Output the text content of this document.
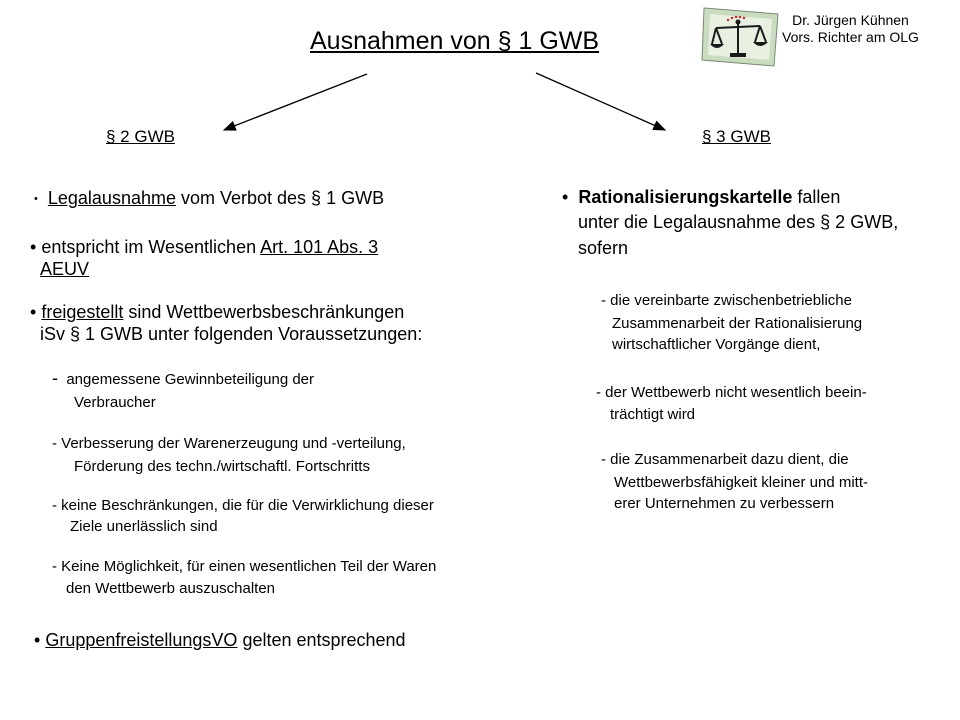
Dr. Jürgen Kühnen
Vors. Richter am OLG
Ausnahmen von § 1 GWB
§ 2 GWB	§ 3 GWB
• Legalausnahme vom Verbot des § 1 GWB
• entspricht im Wesentlichen Art. 101 Abs. 3
AEUV
• freigestellt sind Wettbewerbsbeschränkungen
iSv § 1 GWB unter folgenden Voraussetzungen:
- angemessene Gewinnbeteiligung der
Verbraucher
- Verbesserung der Warenerzeugung und -verteilung,
Förderung des techn./wirtschaftl. Fortschritts
- keine Beschränkungen, die für die Verwirklichung dieser
Ziele unerlässlich sind
- Keine Möglichkeit, für einen wesentlichen Teil der Waren
den Wettbewerb auszuschalten
• GruppenfreistellungsVO gelten entsprechend
• Rationalisierungskartelle fallen
unter die Legalausnahme des § 2 GWB,
sofern
- die vereinbarte zwischenbetriebliche
Zusammenarbeit der Rationalisierung
wirtschaftlicher Vorgänge dient,
- der Wettbewerb nicht wesentlich beein-
trächtigt wird
- die Zusammenarbeit dazu dient, die
Wettbewerbsfähigkeit kleiner und mitt-
erer Unternehmen zu verbessern
